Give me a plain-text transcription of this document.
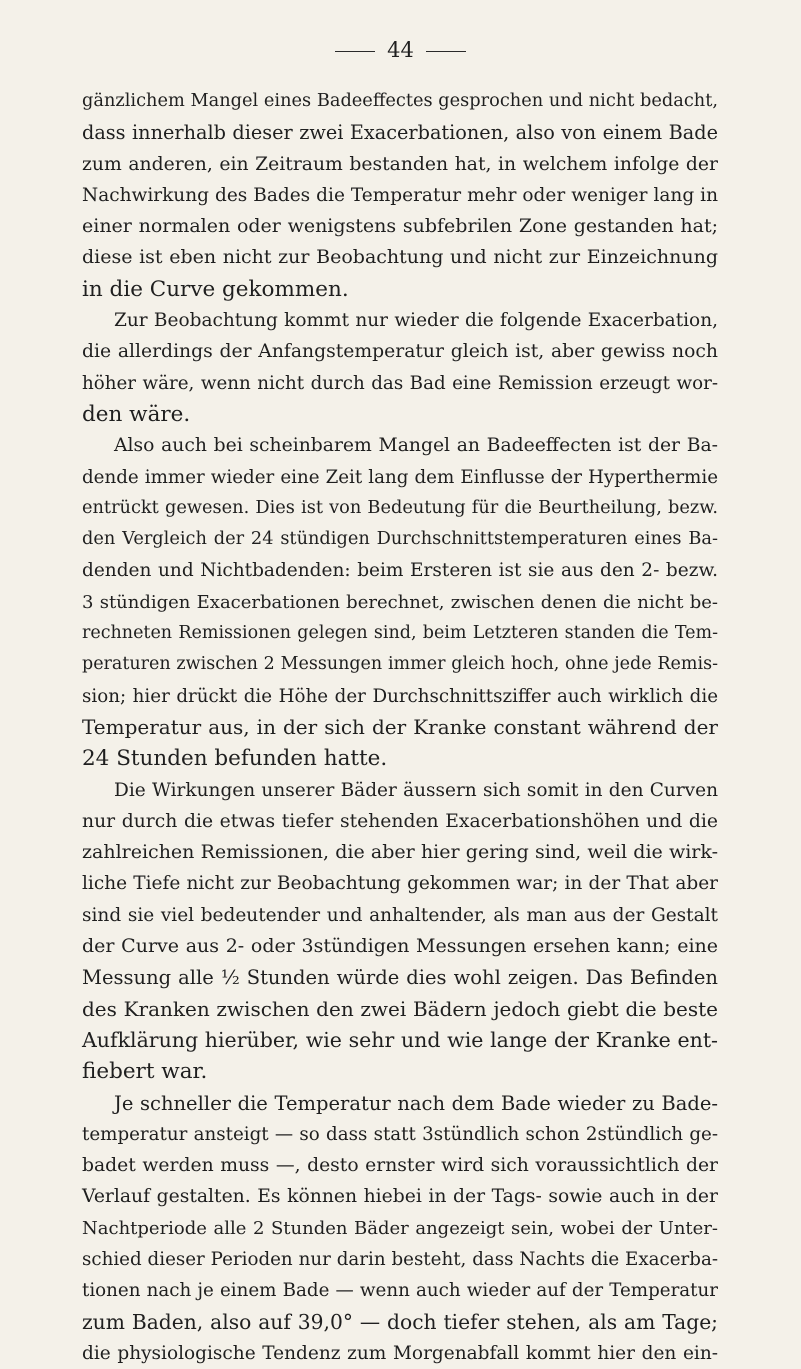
44
gänzlichem Mangel eines Badeeffectes gesprochen und nicht bedacht,
dass innerhalb dieser zwei Exacerbationen, also von einem Bade
zum anderen, ein Zeitraum bestanden hat, in welchem infolge der
Nachwirkung des Bades die Temperatur mehr oder weniger lang in
einer normalen oder wenigstens subfebrilen Zone gestanden hat;
diese ist eben nicht zur Beobachtung und nicht zur Einzeichnung
in die Curve gekommen.
Zur Beobachtung kommt nur wieder die folgende Exacerbation,
die allerdings der Anfangstemperatur gleich ist, aber gewiss noch
höher wäre, wenn nicht durch das Bad eine Remission erzeugt wor-
den wäre.
Also auch bei scheinbarem Mangel an Badeeffecten ist der Ba-
dende immer wieder eine Zeit lang dem Einflusse der Hyperthermie
entrückt gewesen. Dies ist von Bedeutung für die Beurtheilung, bezw.
den Vergleich der 24 stündigen Durchschnittstemperaturen eines Ba-
denden und Nichtbadenden: beim Ersteren ist sie aus den 2- bezw.
3 stündigen Exacerbationen berechnet, zwischen denen die nicht be-
rechneten Remissionen gelegen sind, beim Letzteren standen die Tem-
peraturen zwischen 2 Messungen immer gleich hoch, ohne jede Remis-
sion; hier drückt die Höhe der Durchschnittsziffer auch wirklich die
Temperatur aus, in der sich der Kranke constant während der
24 Stunden befunden hatte.
Die Wirkungen unserer Bäder äussern sich somit in den Curven
nur durch die etwas tiefer stehenden Exacerbationshöhen und die
zahlreichen Remissionen, die aber hier gering sind, weil die wirk-
liche Tiefe nicht zur Beobachtung gekommen war; in der That aber
sind sie viel bedeutender und anhaltender, als man aus der Gestalt
der Curve aus 2- oder 3stündigen Messungen ersehen kann; eine
Messung alle ½ Stunden würde dies wohl zeigen. Das Befinden
des Kranken zwischen den zwei Bädern jedoch giebt die beste
Aufklärung hierüber, wie sehr und wie lange der Kranke ent-
fiebert war.
Je schneller die Temperatur nach dem Bade wieder zu Bade-
temperatur ansteigt — so dass statt 3stündlich schon 2stündlich ge-
badet werden muss —, desto ernster wird sich voraussichtlich der
Verlauf gestalten. Es können hiebei in der Tags- sowie auch in der
Nachtperiode alle 2 Stunden Bäder angezeigt sein, wobei der Unter-
schied dieser Perioden nur darin besteht, dass Nachts die Exacerba-
tionen nach je einem Bade — wenn auch wieder auf der Temperatur
zum Baden, also auf 39,0° — doch tiefer stehen, als am Tage;
die physiologische Tendenz zum Morgenabfall kommt hier den ein-
